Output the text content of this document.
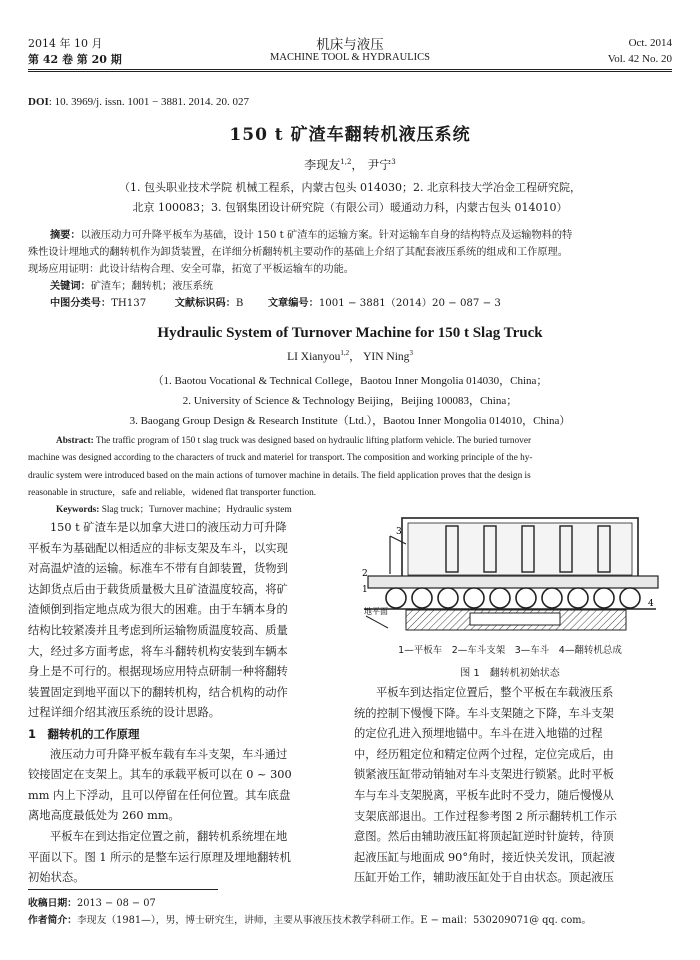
2014 年 10 月
第 42 卷 第 20 期
机床与液压
MACHINE TOOL & HYDRAULICS
Oct. 2014
Vol. 42 No. 20
DOI: 10. 3969/j. issn. 1001 − 3881. 2014. 20. 027
150 t 矿渣车翻转机液压系统
李现友$^{1,2}$， 尹宁$^3$
（1. 包头职业技术学院 机械工程系，内蒙古包头 014030；2. 北京科技大学冶金工程研究院，
北京 100083；3. 包钢集团设计研究院（有限公司）暖通动力科，内蒙古包头 014010）
摘要：以液压动力可升降平板车为基础，设计 150 t 矿渣车的运输方案。针对运输车自身的结构特点及运输物料的特
殊性设计埋地式的翻转机作为卸货装置，在详细分析翻转机主要动作的基础上介绍了其配套液压系统的组成和工作原理。
现场应用证明：此设计结构合理、安全可靠，拓宽了平板运输车的功能。
关键词：矿渣车；翻转机；液压系统
中图分类号：TH137	文献标识码：B 文章编号：1001 − 3881（2014）20 − 087 − 3
Hydraulic System of Turnover Machine for 150 t Slag Truck
LI Xianyou$^{1,2}$， YIN Ning$^3$
（1. Baotou Vocational & Technical College，Baotou Inner Mongolia 014030，China；
2. University of Science & Technology Beijing，Beijing 100083，China；
3. Baogang Group Design & Research Institute（Ltd.），Baotou Inner Mongolia 014010，China）
Abstract: The traffic program of 150 t slag truck was designed based on hydraulic lifting platform vehicle. The buried turnover
machine was designed according to the characters of truck and materiel for transport. The composition and working principle of the hy-
draulic system were introduced based on the main actions of turnover machine in details. The field application proves that the design is
reasonable in structure，safe and reliable，widened flat transporter function.
Keywords: Slag truck；Turnover machine；Hydraulic system
150 t 矿渣车是以加拿大进口的液压动力可升降
平板车为基础配以相适应的非标支架及车斗，以实现
对高温炉渣的运输。标准车不带有自卸装置，货物到
达卸货点后由于载货质量极大且矿渣温度较高，将矿
渣倾倒到指定地点成为很大的困难。由于车辆本身的
结构比较紧凑并且考虑到所运输物质温度较高、质量
大，经过多方面考虑，将车斗翻转机构安装到车辆本
身上是不可行的。根据现场应用特点研制一种将翻转
装置固定到地平面以下的翻转机构，结合机构的动作
过程详细介绍其液压系统的设计思路。
1　翻转机的工作原理
液压动力可升降平板车载有车斗支架，车斗通过
铰接固定在支架上。其车的承载平板可以在 0 ~ 300
mm 内上下浮动，且可以停留在任何位置。其车底盘
离地高度最低处为 260 mm。
平板车在到达指定位置之前，翻转机系统埋在地
平面以下。图 1 所示的是整车运行原理及埋地翻转机
初始状态。
3
2
1
4
地平面
1—平板车　2—车斗支架　3—车斗　4—翻转机总成
图 1　翻转机初始状态
平板车到达指定位置后，整个平板在车载液压系
统的控制下慢慢下降。车斗支架随之下降，车斗支架
的定位孔进入预埋地锚中。车斗在进入地锚的过程
中，经历粗定位和精定位两个过程，定位完成后，由
锁紧液压缸带动销轴对车斗支架进行锁紧。此时平板
车与车斗支架脱离，平板车此时不受力，随后慢慢从
支架底部退出。工作过程参考图 2 所示翻转机工作示
意图。然后由辅助液压缸将顶起缸逆时针旋转，待顶
起液压缸与地面成 90°角时，接近快关发讯，顶起液
压缸开始工作，辅助液压缸处于自由状态。顶起液压
收稿日期：2013 − 08 − 07
作者简介：李现友（1981—），男，博士研究生，讲师，主要从事液压技术教学科研工作。E − mail：530209071@ qq. com。
